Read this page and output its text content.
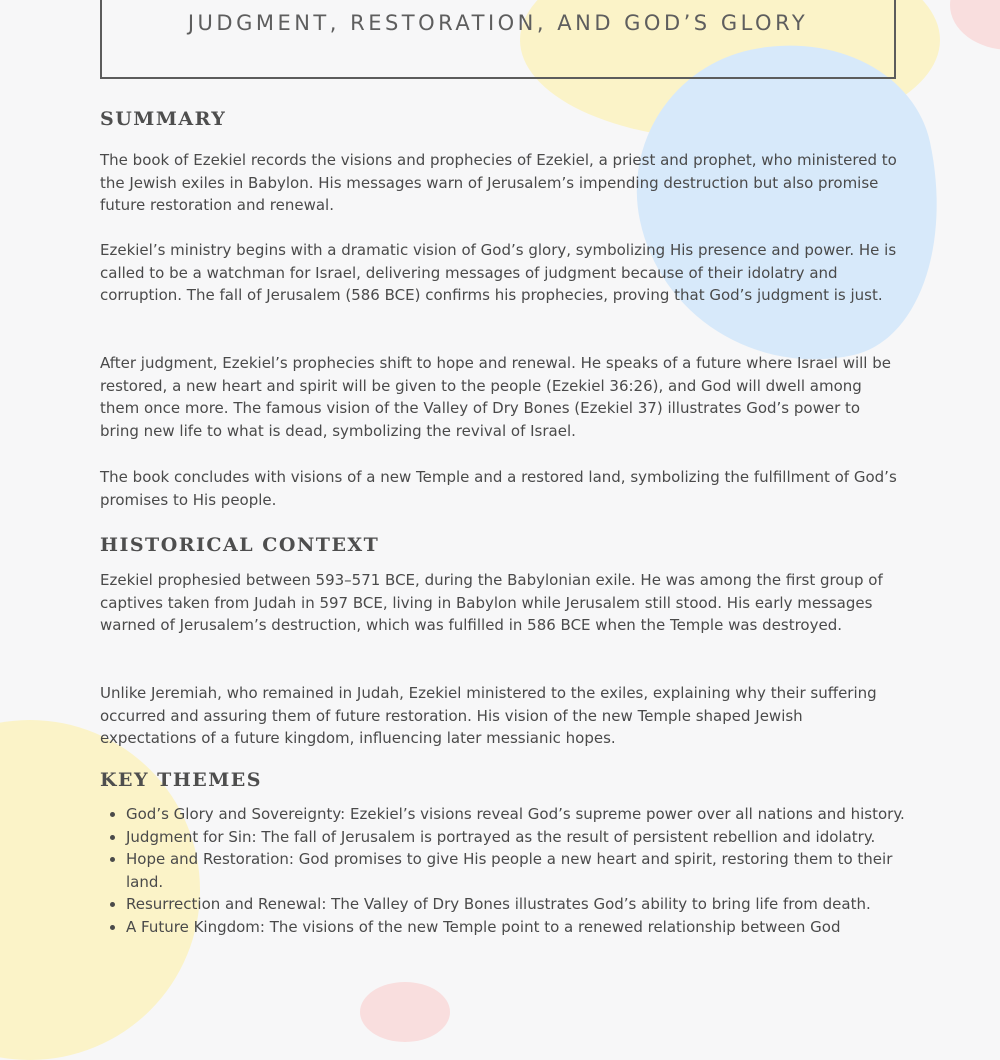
JUDGMENT, RESTORATION, AND GOD’S GLORY
SUMMARY

The book of Ezekiel records the visions and prophecies of Ezekiel, a priest and prophet, who ministered to the Jewish exiles in Babylon. His messages warn of Jerusalem’s impending destruction but also promise future restoration and renewal.

Ezekiel’s ministry begins with a dramatic vision of God’s glory, symbolizing His presence and power. He is called to be a watchman for Israel, delivering messages of judgment because of their idolatry and corruption. The fall of Jerusalem (586 BCE) confirms his prophecies, proving that God’s judgment is just.

After judgment, Ezekiel’s prophecies shift to hope and renewal. He speaks of a future where Israel will be restored, a new heart and spirit will be given to the people (Ezekiel 36:26), and God will dwell among them once more. The famous vision of the Valley of Dry Bones (Ezekiel 37) illustrates God’s power to bring new life to what is dead, symbolizing the revival of Israel.

The book concludes with visions of a new Temple and a restored land, symbolizing the fulfillment of God’s promises to His people.

HISTORICAL CONTEXT

Ezekiel prophesied between 593–571 BCE, during the Babylonian exile. He was among the first group of captives taken from Judah in 597 BCE, living in Babylon while Jerusalem still stood. His early messages warned of Jerusalem’s destruction, which was fulfilled in 586 BCE when the Temple was destroyed.

Unlike Jeremiah, who remained in Judah, Ezekiel ministered to the exiles, explaining why their suffering occurred and assuring them of future restoration. His vision of the new Temple shaped Jewish expectations of a future kingdom, influencing later messianic hopes.

KEY THEMES
• God’s Glory and Sovereignty: Ezekiel’s visions reveal God’s supreme power over all nations and history.
• Judgment for Sin: The fall of Jerusalem is portrayed as the result of persistent rebellion and idolatry.
• Hope and Restoration: God promises to give His people a new heart and spirit, restoring them to their land.
• Resurrection and Renewal: The Valley of Dry Bones illustrates God’s ability to bring life from death.
• A Future Kingdom: The visions of the new Temple point to a renewed relationship between God
